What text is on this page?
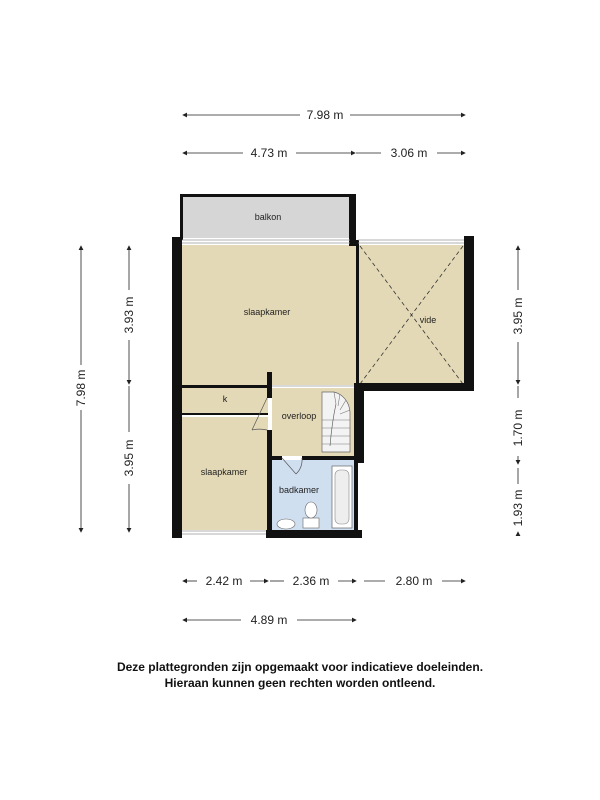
balkon
slaapkamer
vide
k
overloop
slaapkamer
badkamer
7.98 m
4.73 m	3.06 m
7.98 m
3.93 m
3.95 m
3.95 m
1.70 m
1.93 m
2.42 m	2.36 m	2.80 m
4.89 m
Deze plattegronden zijn opgemaakt voor indicatieve doeleinden.
Hieraan kunnen geen rechten worden ontleend.
